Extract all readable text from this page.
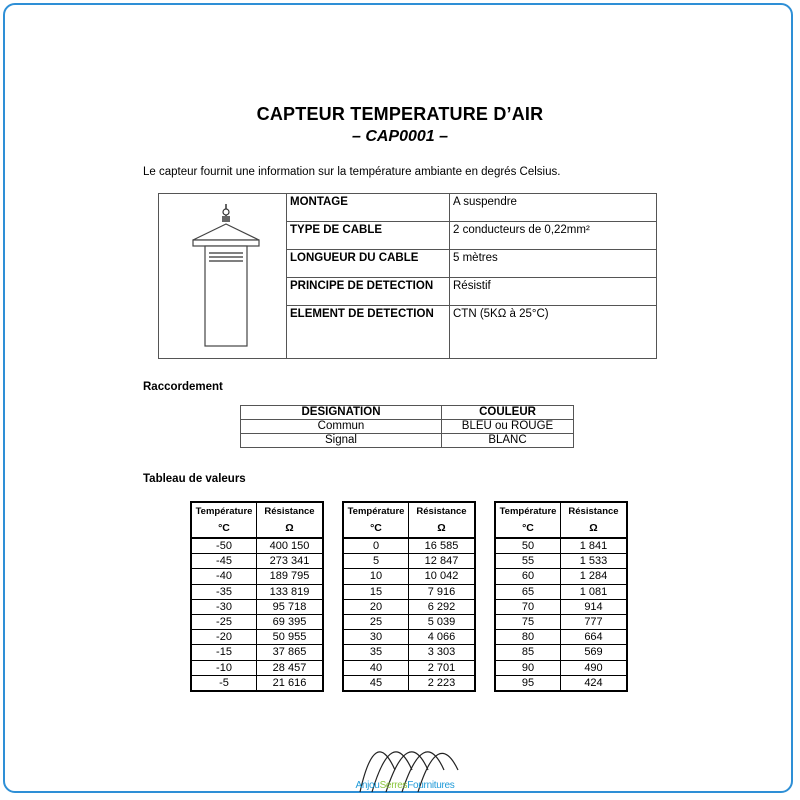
CAPTEUR TEMPERATURE D’AIR
– CAP0001 –
Le capteur fournit une information sur la température ambiante en degrés Celsius.
	MONTAGE	A suspendre
	TYPE DE CABLE	2 conducteurs de 0,22mm²
	LONGUEUR DU CABLE	5 mètres
	PRINCIPE DE DETECTION	Résistif
	ELEMENT DE DETECTION	CTN (5KΩ à 25°C)
Raccordement
DESIGNATION	COULEUR
Commun	BLEU ou ROUGE
Signal	BLANC
Tableau de valeurs
Température	Résistance
°C	Ω
-50	400 150
-45	273 341
-40	189 795
-35	133 819
-30	95 718
-25	69 395
-20	50 955
-15	37 865
-10	28 457
-5	21 616
Température	Résistance
°C	Ω
0	16 585
5	12 847
10	10 042
15	7 916
20	6 292
25	5 039
30	4 066
35	3 303
40	2 701
45	2 223
Température	Résistance
°C	Ω
50	1 841
55	1 533
60	1 284
65	1 081
70	914
75	777
80	664
85	569
90	490
95	424
AnjouSerresFournitures
